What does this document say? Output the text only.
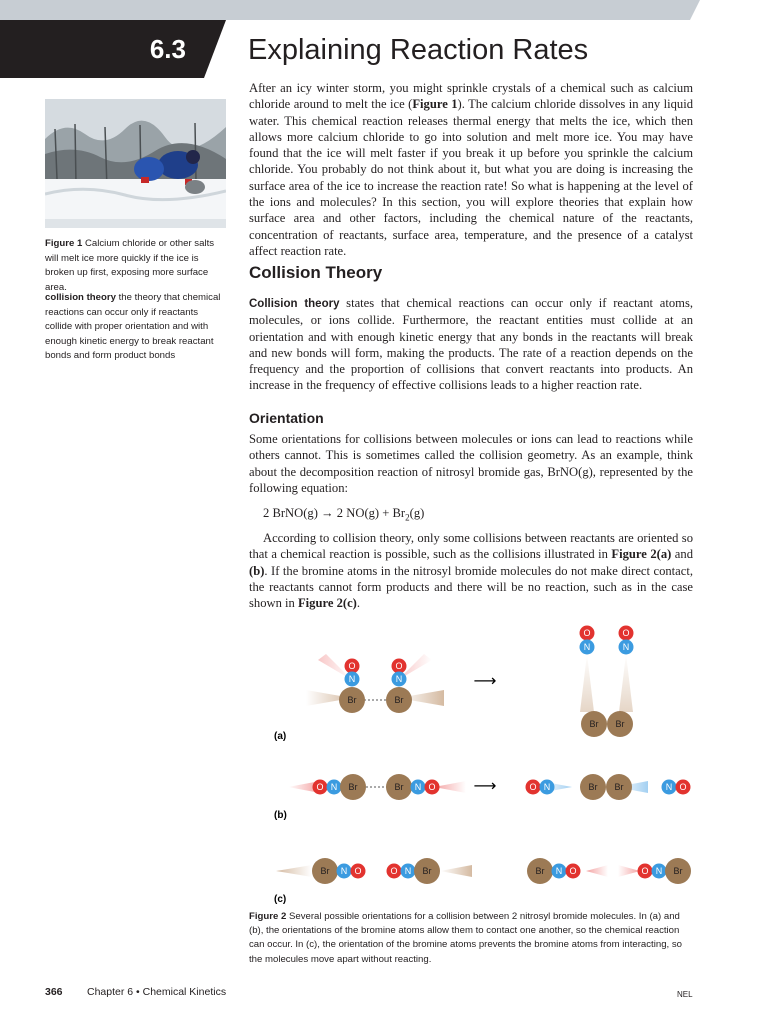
6.3	Explaining Reaction Rates

Figure 1 Calcium chloride or other salts will melt ice more quickly if the ice is broken up first, exposing more surface area.

collision theory the theory that chemical reactions can occur only if reactants collide with proper orientation and with enough kinetic energy to break reactant bonds and form product bonds

After an icy winter storm, you might sprinkle crystals of a chemical such as calcium chloride around to melt the ice (Figure 1). The calcium chloride dissolves in any liquid water. This chemical reaction releases thermal energy that melts the ice, which then allows more calcium chloride to go into solution and melt more ice. You may have found that the ice will melt faster if you break it up before you sprinkle the calcium chloride. You probably do not think about it, but what you are doing is increasing the surface area of the ice to increase the reaction rate! So what is happening at the level of the ions and molecules? In this section, you will explore theories that explain how surface area and other factors, including the chemical nature of the reactants, concentration of reactants, surface area, temperature, and the presence of a catalyst affect reaction rate.

Collision Theory

Collision theory states that chemical reactions can occur only if reactant atoms, molecules, or ions collide. Furthermore, the reactant entities must collide at an orientation and with enough kinetic energy that any bonds in the reactants will break and new bonds will form, making the products. The rate of a reaction depends on the frequency and the proportion of collisions that convert reactants into products. An increase in the frequency of effective collisions leads to a higher reaction rate.

Orientation

Some orientations for collisions between molecules or ions can lead to reactions while others cannot. This is sometimes called the collision geometry. As an example, think about the decomposition reaction of nitrosyl bromide gas, BrNO(g), represented by the following equation:

2 BrNO(g) → 2 $NO(g) + Br_2(g)$

According to collision theory, only some collisions between reactants are oriented so that a chemical reaction is possible, such as the collisions illustrated in Figure 2(a) and (b). If the bromine atoms in the nitrosyl bromide molecules do not make direct contact, the reactants cannot form products and there will be no reaction, such as in the case shown in Figure 2(c).

O
N
Br
O
N
Br
⟶
O
N
O
N
Br Br
(a)
O N Br	Br N O ⟶	O N	Br Br	N O
(b)
Br N O	O N Br	Br N O	O N Br
(c)

Figure 2 Several possible orientations for a collision between 2 nitrosyl bromide molecules. In (a) and (b), the orientations of the bromine atoms allow them to contact one another, so the chemical reaction can occur. In (c), the orientation of the bromine atoms prevents the bromine atoms from interacting, so the molecules move apart without reacting.

366 Chapter 6 • Chemical Kinetics	NEL
